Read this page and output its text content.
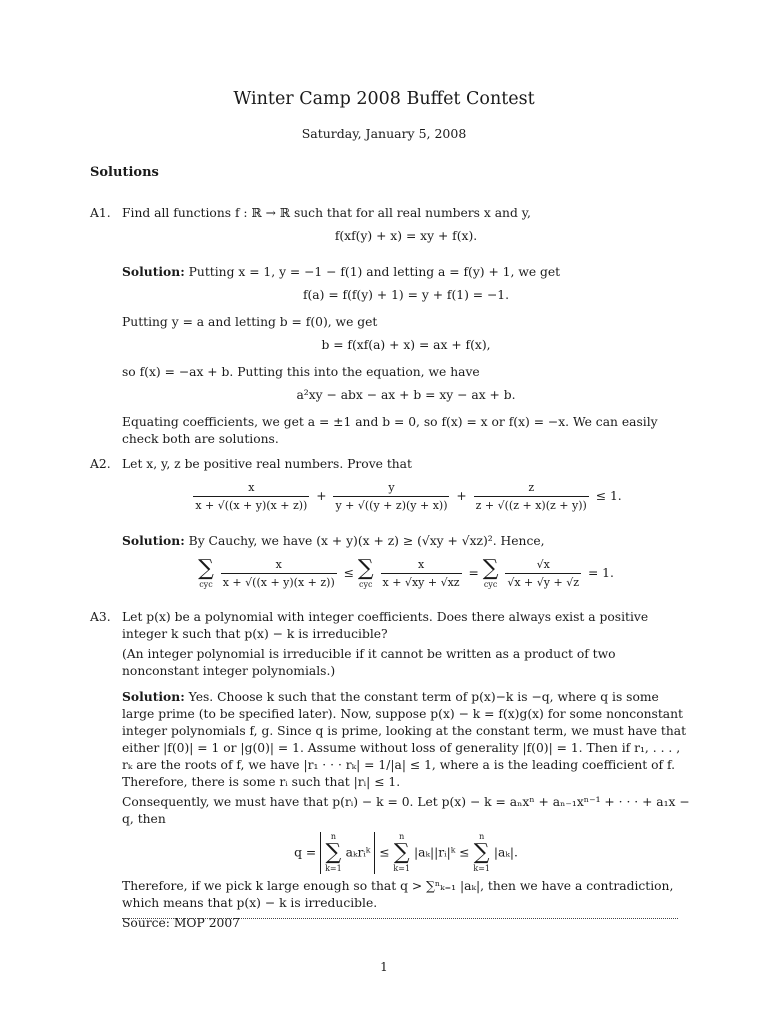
Winter Camp 2008 Buffet Contest
Saturday, January 5, 2008
Solutions
A1. Find all functions f : ℝ → ℝ such that for all real numbers x and y,

f(xf(y) + x) = xy + f(x).

Solution: Putting x = 1, y = −1 − f(1) and letting a = f(y) + 1, we get

f(a) = f(f(y) + 1) = y + f(1) = −1.

Putting y = a and letting b = f(0), we get

b = f(xf(a) + x) = ax + f(x),

so f(x) = −ax + b. Putting this into the equation, we have

a²xy − abx − ax + b = xy − ax + b.

Equating coefficients, we get a = ±1 and b = 0, so f(x) = x or f(x) = −x. We can easily check both are solutions.

A2. Let x, y, z be positive real numbers. Prove that

$\frac{x}{x + √((x + y)(x + z))} + \frac{y}{y + √((y + z)(y + x))} + \frac{z}{z + √((z + x)(z + y))} \le 1$.

Solution: By Cauchy, we have (x + y)(x + z) ≥ (√xy + √xz)². Hence,

∑
cyc
$\frac{x}{x + √((x + y)(x + z))}$ ≤ ∑
cyc
$\frac{x}{x + √xy + √xz}$ = ∑
cyc
$\frac{√x}{√x + √y + √z} = 1$.
A3. Let p(x) be a polynomial with integer coefficients. Does there always exist a positive integer k such that p(x) − k is irreducible?

(An integer polynomial is irreducible if it cannot be written as a product of two nonconstant integer polynomials.)

Solution: Yes. Choose k such that the constant term of p(x)−k is −q, where q is some large prime (to be specified later). Now, suppose p(x) − k = f(x)g(x) for some nonconstant integer polynomials f, g. Since q is prime, looking at the constant term, we must have that either |f(0)| = 1 or |g(0)| = 1. Assume without loss of generality |f(0)| = 1. Then if r₁, . . . , rₖ are the roots of f, we have |r₁ · · · rₖ| = 1/|a| ≤ 1, where a is the leading coefficient of f. Therefore, there is some rᵢ such that |rᵢ| ≤ 1.

Consequently, we must have that p(rᵢ) − k = 0. Let p(x) − k = aₙxⁿ + aₙ₋₁xⁿ⁻¹ + · · · + a₁x − q, then

q =
n
∑
k=1
aₖrᵢᵏ ≤
n
∑
k=1
|aₖ||rᵢ|ᵏ ≤
n
∑
k=1
|aₖ|.

Therefore, if we pick k large enough so that q > ∑ⁿₖ₌₁ |aₖ|, then we have a contradiction, which means that p(x) − k is irreducible.

Source: MOP 2007

1
